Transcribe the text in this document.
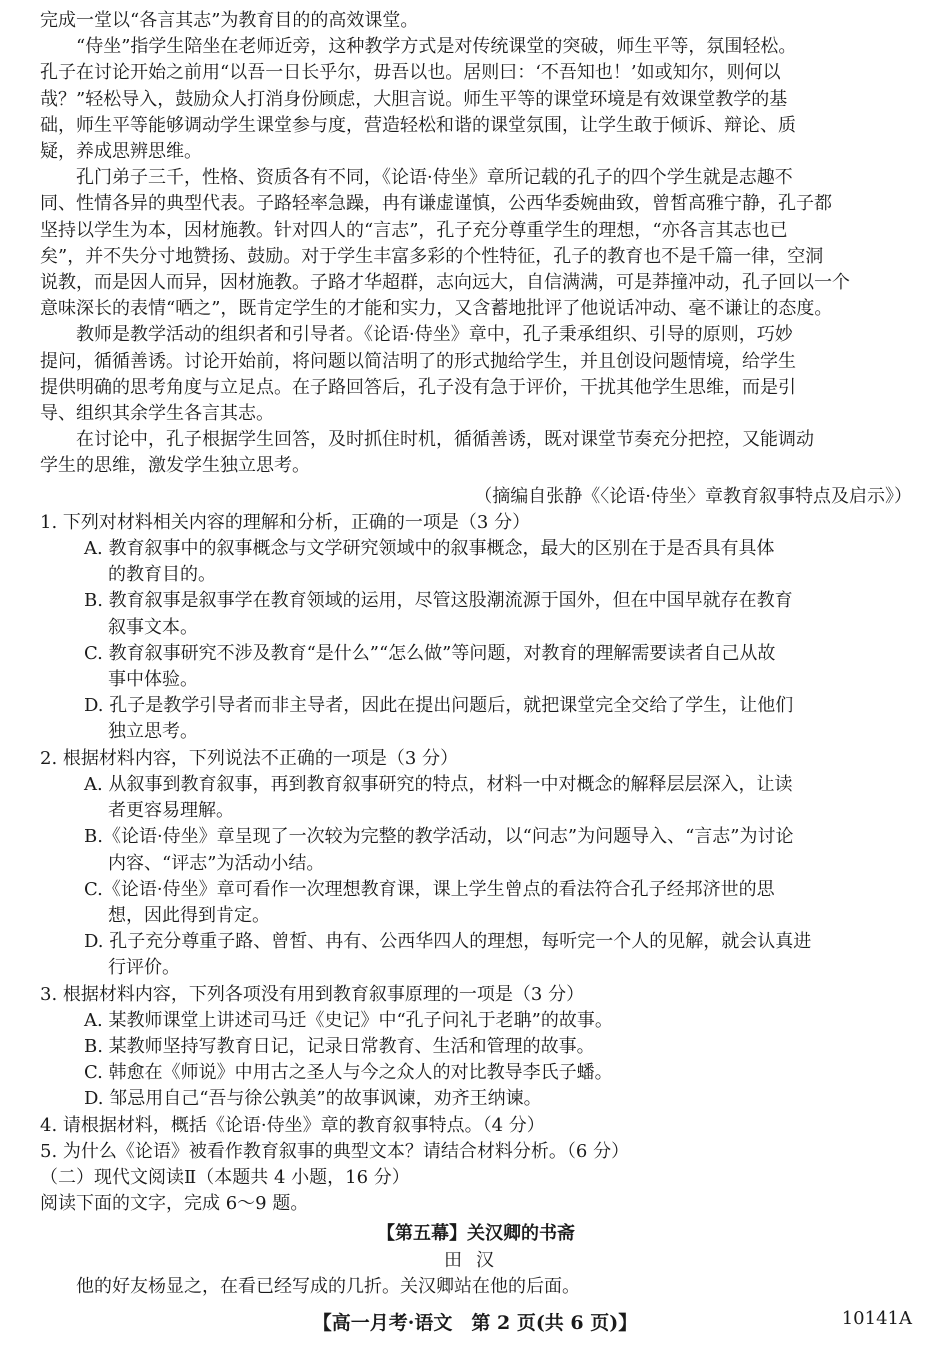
完成一堂以“各言其志”为教育目的的高效课堂。
“侍坐”指学生陪坐在老师近旁，这种教学方式是对传统课堂的突破，师生平等，氛围轻松。
孔子在讨论开始之前用“以吾一日长乎尔，毋吾以也。居则曰：‘不吾知也！’如或知尔，则何以
哉？”轻松导入，鼓励众人打消身份顾虑，大胆言说。师生平等的课堂环境是有效课堂教学的基
础，师生平等能够调动学生课堂参与度，营造轻松和谐的课堂氛围，让学生敢于倾诉、辩论、质
疑，养成思辨思维。
孔门弟子三千，性格、资质各有不同，《论语·侍坐》章所记载的孔子的四个学生就是志趣不
同、性情各异的典型代表。子路轻率急躁，冉有谦虚谨慎，公西华委婉曲致，曾皙高雅宁静，孔子都
坚持以学生为本，因材施教。针对四人的“言志”，孔子充分尊重学生的理想，“亦各言其志也已
矣”，并不失分寸地赞扬、鼓励。对于学生丰富多彩的个性特征，孔子的教育也不是千篇一律，空洞
说教，而是因人而异，因材施教。子路才华超群，志向远大，自信满满，可是莽撞冲动，孔子回以一个
意味深长的表情“哂之”，既肯定学生的才能和实力，又含蓄地批评了他说话冲动、毫不谦让的态度。
教师是教学活动的组织者和引导者。《论语·侍坐》章中，孔子秉承组织、引导的原则，巧妙
提问，循循善诱。讨论开始前，将问题以简洁明了的形式抛给学生，并且创设问题情境，给学生
提供明确的思考角度与立足点。在子路回答后，孔子没有急于评价，干扰其他学生思维，而是引
导、组织其余学生各言其志。
在讨论中，孔子根据学生回答，及时抓住时机，循循善诱，既对课堂节奏充分把控，又能调动
学生的思维，激发学生独立思考。
（摘编自张静《〈论语·侍坐〉章教育叙事特点及启示》）
1. 下列对材料相关内容的理解和分析，正确的一项是（3 分）
A. 教育叙事中的叙事概念与文学研究领域中的叙事概念，最大的区别在于是否具有具体
的教育目的。
B. 教育叙事是叙事学在教育领域的运用，尽管这股潮流源于国外，但在中国早就存在教育
叙事文本。
C. 教育叙事研究不涉及教育“是什么”“怎么做”等问题，对教育的理解需要读者自己从故
事中体验。
D. 孔子是教学引导者而非主导者，因此在提出问题后，就把课堂完全交给了学生，让他们
独立思考。
2. 根据材料内容，下列说法不正确的一项是（3 分）
A. 从叙事到教育叙事，再到教育叙事研究的特点，材料一中对概念的解释层层深入，让读
者更容易理解。
B.《论语·侍坐》章呈现了一次较为完整的教学活动，以“问志”为问题导入、“言志”为讨论
内容、“评志”为活动小结。
C.《论语·侍坐》章可看作一次理想教育课，课上学生曾点的看法符合孔子经邦济世的思
想，因此得到肯定。
D. 孔子充分尊重子路、曾皙、冉有、公西华四人的理想，每听完一个人的见解，就会认真进
行评价。
3. 根据材料内容，下列各项没有用到教育叙事原理的一项是（3 分）
A. 某教师课堂上讲述司马迁《史记》中“孔子问礼于老聃”的故事。
B. 某教师坚持写教育日记，记录日常教育、生活和管理的故事。
C. 韩愈在《师说》中用古之圣人与今之众人的对比教导李氏子蟠。
D. 邹忌用自己“吾与徐公孰美”的故事讽谏，劝齐王纳谏。
4. 请根据材料，概括《论语·侍坐》章的教育叙事特点。（4 分）
5. 为什么《论语》被看作教育叙事的典型文本？请结合材料分析。（6 分）
（二）现代文阅读Ⅱ（本题共 4 小题，16 分）
阅读下面的文字，完成 6～9 题。
【第五幕】关汉卿的书斋
田汉
他的好友杨显之，在看已经写成的几折。关汉卿站在他的后面。
【高一月考·语文　第 2 页(共 6 页)】	10141A
